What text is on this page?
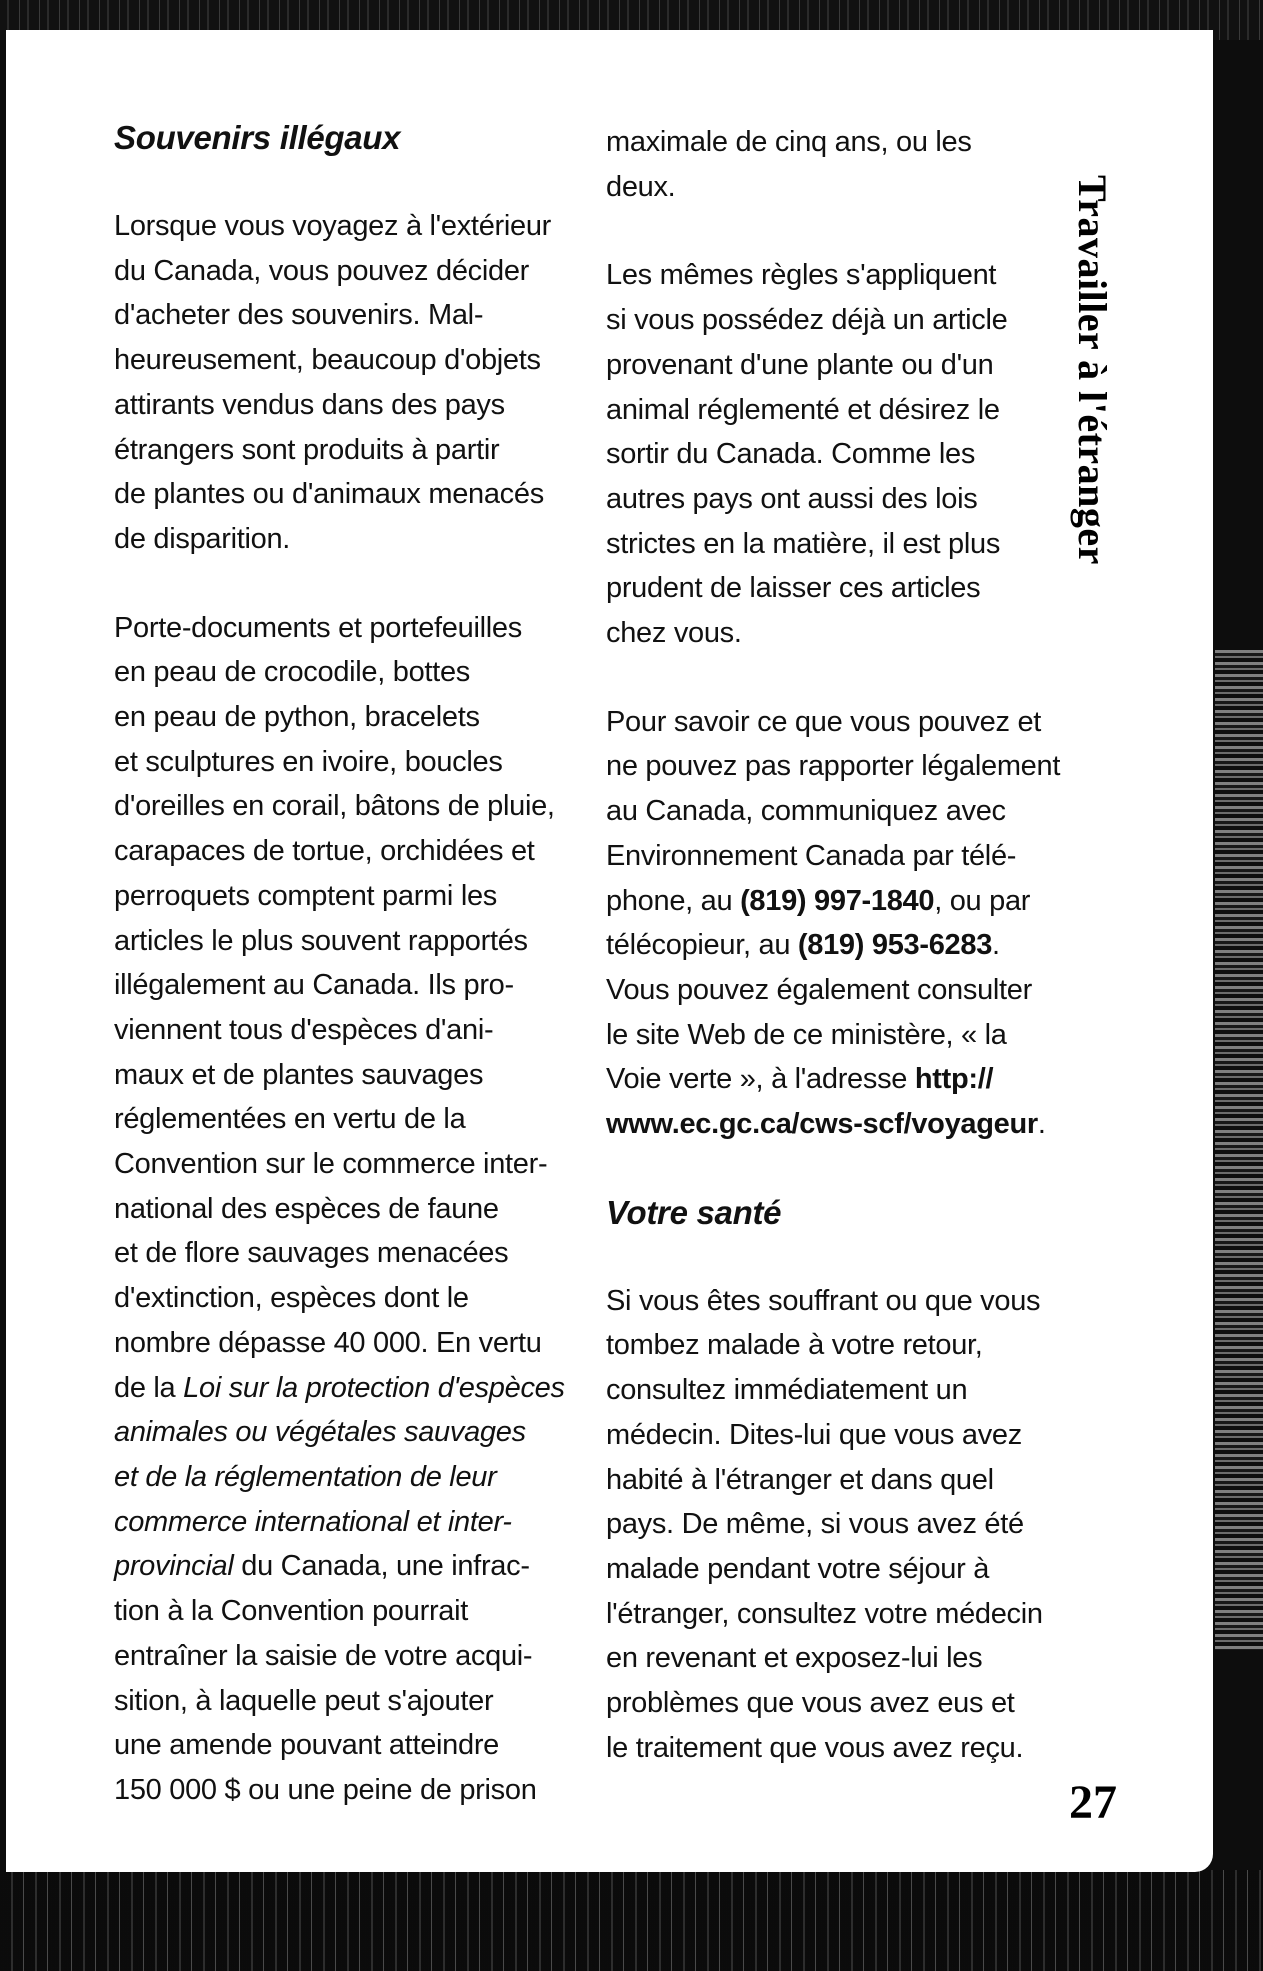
Souvenirs illégaux

Lorsque vous voyagez à l'extérieur

du Canada, vous pouvez décider

d'acheter des souvenirs. Mal-

heureusement, beaucoup d'objets

attirants vendus dans des pays

étrangers sont produits à partir

de plantes ou d'animaux menacés

de disparition.

Porte-documents et portefeuilles

en peau de crocodile, bottes

en peau de python, bracelets

et sculptures en ivoire, boucles

d'oreilles en corail, bâtons de pluie,

carapaces de tortue, orchidées et

perroquets comptent parmi les

articles le plus souvent rapportés

illégalement au Canada. Ils pro-

viennent tous d'espèces d'ani-

maux et de plantes sauvages

réglementées en vertu de la

Convention sur le commerce inter-

national des espèces de faune

et de flore sauvages menacées

d'extinction, espèces dont le

nombre dépasse 40 000. En vertu

de la Loi sur la protection d'espèces

animales ou végétales sauvages

et de la réglementation de leur

commerce international et inter-

provincial du Canada, une infrac-

tion à la Convention pourrait

entraîner la saisie de votre acqui-

sition, à laquelle peut s'ajouter

une amende pouvant atteindre

150 000 $ ou une peine de prison

maximale de cinq ans, ou les

deux.

Les mêmes règles s'appliquent

si vous possédez déjà un article

provenant d'une plante ou d'un

animal réglementé et désirez le

sortir du Canada. Comme les

autres pays ont aussi des lois

strictes en la matière, il est plus

prudent de laisser ces articles

chez vous.

Pour savoir ce que vous pouvez et

ne pouvez pas rapporter légalement

au Canada, communiquez avec

Environnement Canada par télé-

phone, au (819) 997-1840, ou par

télécopieur, au (819) 953-6283.

Vous pouvez également consulter

le site Web de ce ministère, « la

Voie verte », à l'adresse http://

www.ec.gc.ca/cws-scf/voyageur.

Votre santé

Si vous êtes souffrant ou que vous

tombez malade à votre retour,

consultez immédiatement un

médecin. Dites-lui que vous avez

habité à l'étranger et dans quel

pays. De même, si vous avez été

malade pendant votre séjour à

l'étranger, consultez votre médecin

en revenant et exposez-lui les

problèmes que vous avez eus et

le traitement que vous avez reçu.

Travailler à l'étranger
27
